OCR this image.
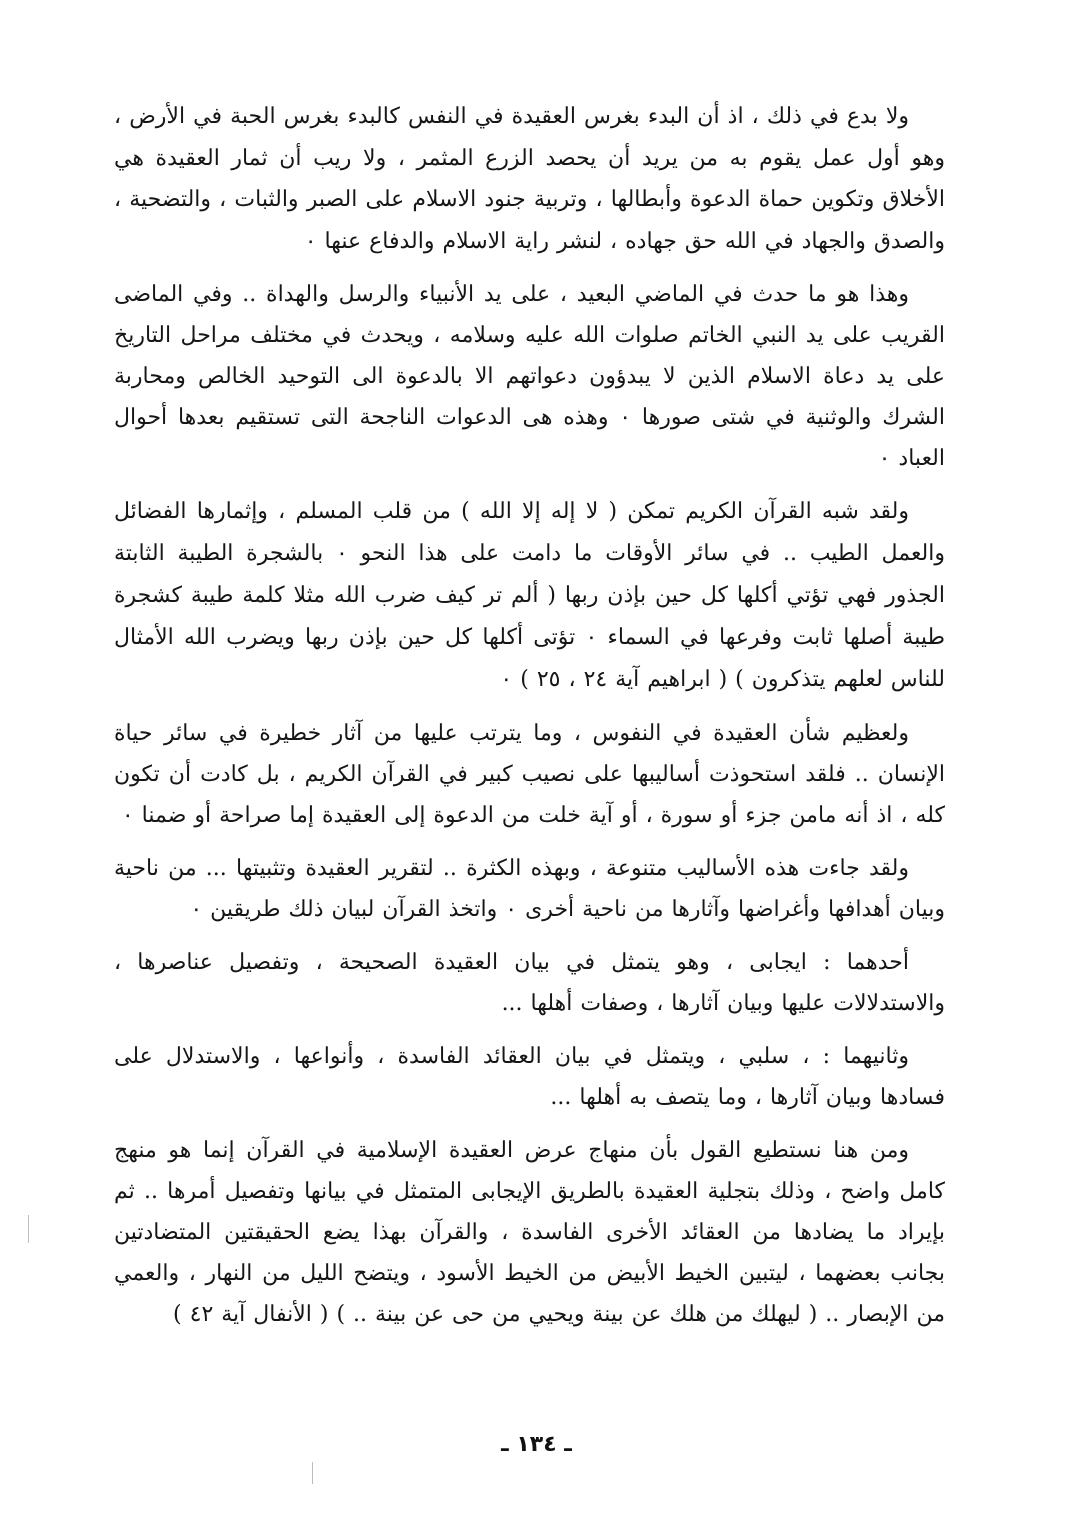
ولا بدع في ذلك ، اذ أن البدء بغرس العقيدة في النفس كالبدء بغرس الحبة في الأرض ، وهو أول عمل يقوم به من يريد أن يحصد الزرع المثمر ، ولا ريب أن ثمار العقيدة هي الأخلاق وتكوين حماة الدعوة وأبطالها ، وتربية جنود الاسلام على الصبر والثبات ، والتضحية ، والصدق والجهاد في الله حق جهاده ، لنشر راية الاسلام والدفاع عنها ٠

وهذا هو ما حدث في الماضي البعيد ، على يد الأنبياء والرسل والهداة .. وفي الماضى القريب على يد النبي الخاتم صلوات الله عليه وسلامه ، ويحدث في مختلف مراحل التاريخ على يد دعاة الاسلام الذين لا يبدؤون دعواتهم الا بالدعوة الى التوحيد الخالص ومحاربة الشرك والوثنية في شتى صورها ٠ وهذه هى الدعوات الناجحة التى تستقيم بعدها أحوال العباد ٠

ولقد شبه القرآن الكريم تمكن ( لا إله إلا الله ) من قلب المسلم ، وإثمارها الفضائل والعمل الطيب .. في سائر الأوقات ما دامت على هذا النحو ٠ بالشجرة الطيبة الثابتة الجذور فهي تؤتي أكلها كل حين بإذن ربها ( ألم تر كيف ضرب الله مثلا كلمة طيبة كشجرة طيبة أصلها ثابت وفرعها في السماء ٠ تؤتى أكلها كل حين بإذن ربها ويضرب الله الأمثال للناس لعلهم يتذكرون ) ( ابراهيم آية ٢٤ ، ٢٥ ) ٠

ولعظيم شأن العقيدة في النفوس ، وما يترتب عليها من آثار خطيرة في سائر حياة الإنسان .. فلقد استحوذت أساليبها على نصيب كبير في القرآن الكريم ، بل كادت أن تكون كله ، اذ أنه مامن جزء أو سورة ، أو آية خلت من الدعوة إلى العقيدة إما صراحة أو ضمنا ٠

ولقد جاءت هذه الأساليب متنوعة ، وبهذه الكثرة .. لتقرير العقيدة وتثبيتها ... من ناحية وبيان أهدافها وأغراضها وآثارها من ناحية أخرى ٠ واتخذ القرآن لبيان ذلك طريقين ٠

أحدهما : ايجابى ، وهو يتمثل في بيان العقيدة الصحيحة ، وتفصيل عناصرها ، والاستدلالات عليها وبيان آثارها ، وصفات أهلها ...

وثانيهما : ، سلبي ، ويتمثل في بيان العقائد الفاسدة ، وأنواعها ، والاستدلال على فسادها وبيان آثارها ، وما يتصف به أهلها ...

ومن هنا نستطيع القول بأن منهاج عرض العقيدة الإسلامية في القرآن إنما هو منهج كامل واضح ، وذلك بتجلية العقيدة بالطريق الإيجابى المتمثل في بيانها وتفصيل أمرها .. ثم بإيراد ما يضادها من العقائد الأخرى الفاسدة ، والقرآن بهذا يضع الحقيقتين المتضادتين بجانب بعضهما ، ليتبين الخيط الأبيض من الخيط الأسود ، ويتضح الليل من النهار ، والعمي من الإبصار .. ( ليهلك من هلك عن بينة ويحيي من حى عن بينة .. ) ( الأنفال آية ٤٢ )

ـ ١٣٤ ـ
